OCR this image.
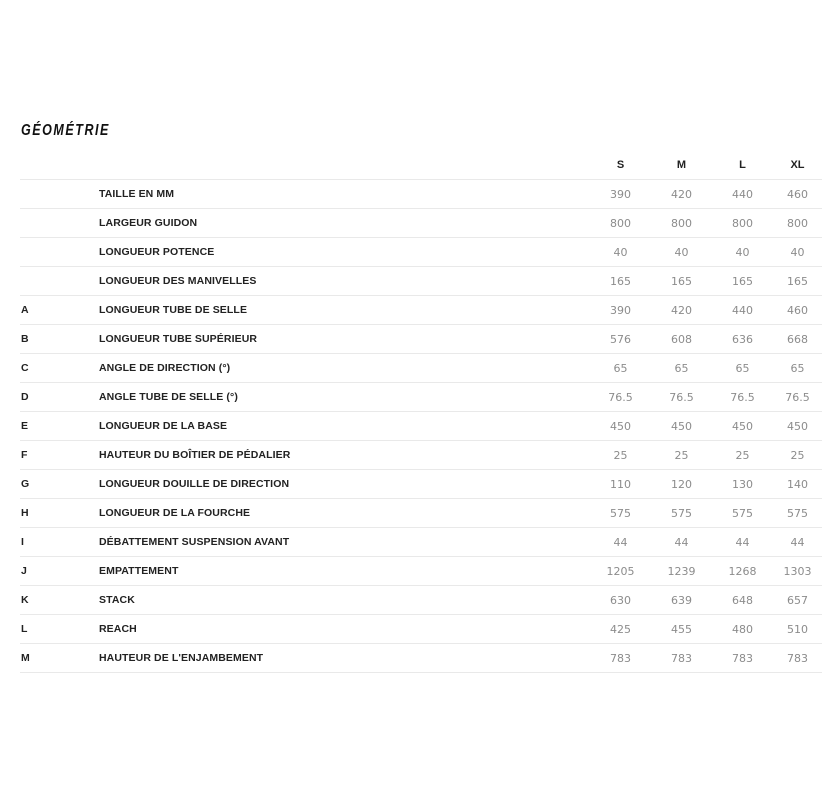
GÉOMÉTRIE
		S	M	L	XL
	TAILLE EN MM	390	420	440	460
	LARGEUR GUIDON	800	800	800	800
	LONGUEUR POTENCE	40	40	40	40
	LONGUEUR DES MANIVELLES	165	165	165	165
A	LONGUEUR TUBE DE SELLE	390	420	440	460
B	LONGUEUR TUBE SUPÉRIEUR	576	608	636	668
C	ANGLE DE DIRECTION (°)	65	65	65	65
D	ANGLE TUBE DE SELLE (°)	76.5	76.5	76.5	76.5
E	LONGUEUR DE LA BASE	450	450	450	450
F	HAUTEUR DU BOÎTIER DE PÉDALIER	25	25	25	25
G	LONGUEUR DOUILLE DE DIRECTION	110	120	130	140
H	LONGUEUR DE LA FOURCHE	575	575	575	575
I	DÉBATTEMENT SUSPENSION AVANT	44	44	44	44
J	EMPATTEMENT	1205	1239	1268	1303
K	STACK	630	639	648	657
L	REACH	425	455	480	510
M	HAUTEUR DE L'ENJAMBEMENT	783	783	783	783
